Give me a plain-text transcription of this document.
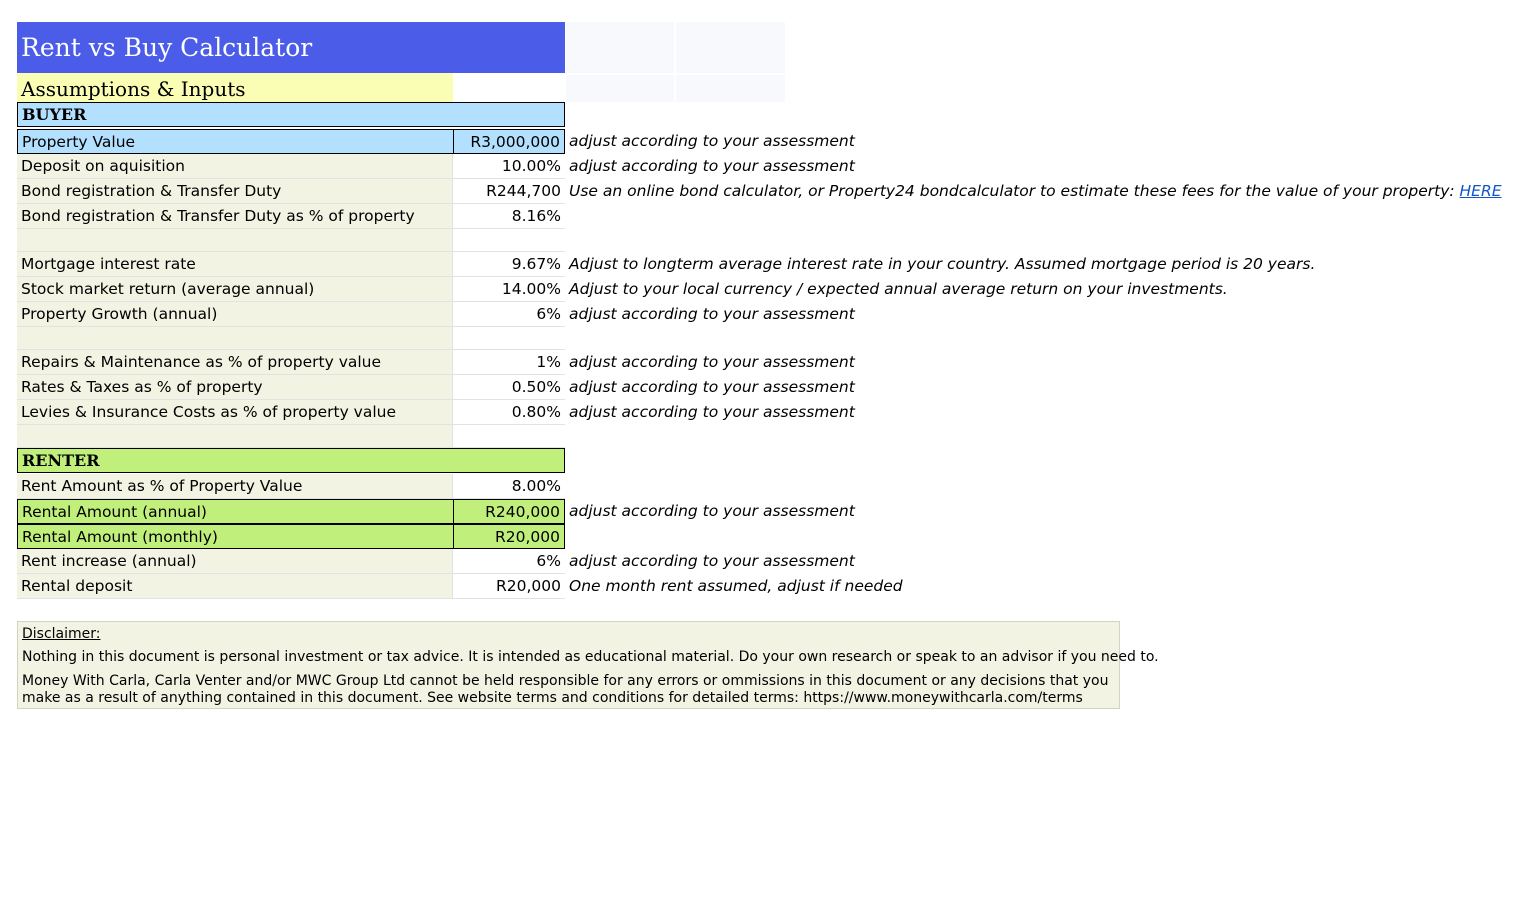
Rent vs Buy Calculator
Assumptions & Inputs
BUYER
Property Value	R3,000,000 adjust according to your assessment
Deposit on aquisition	10.00% adjust according to your assessment
Bond registration & Transfer Duty	R244,700 Use an online bond calculator, or Property24 bondcalculator to estimate these fees for the value of your property: HERE
Bond registration & Transfer Duty as % of property	8.16%
Mortgage interest rate	9.67% Adjust to longterm average interest rate in your country. Assumed mortgage period is 20 years.
Stock market return (average annual)	14.00% Adjust to your local currency / expected annual average return on your investments.
Property Growth (annual)	6% adjust according to your assessment
Repairs & Maintenance as % of property value	1% adjust according to your assessment
Rates & Taxes as % of property	0.50% adjust according to your assessment
Levies & Insurance Costs as % of property value	0.80% adjust according to your assessment
RENTER
Rent Amount as % of Property Value	8.00%
Rental Amount (annual)	R240,000 adjust according to your assessment
Rental Amount (monthly)	R20,000
Rent increase (annual)	6% adjust according to your assessment
Rental deposit	R20,000 One month rent assumed, adjust if needed
Disclaimer:
Nothing in this document is personal investment or tax advice. It is intended as educational material. Do your own research or speak to an advisor if you need to.
Money With Carla, Carla Venter and/or MWC Group Ltd cannot be held responsible for any errors or ommissions in this document or any decisions that you make as a result of anything contained in this document. See website terms and conditions for detailed terms: https://www.moneywithcarla.com/terms
